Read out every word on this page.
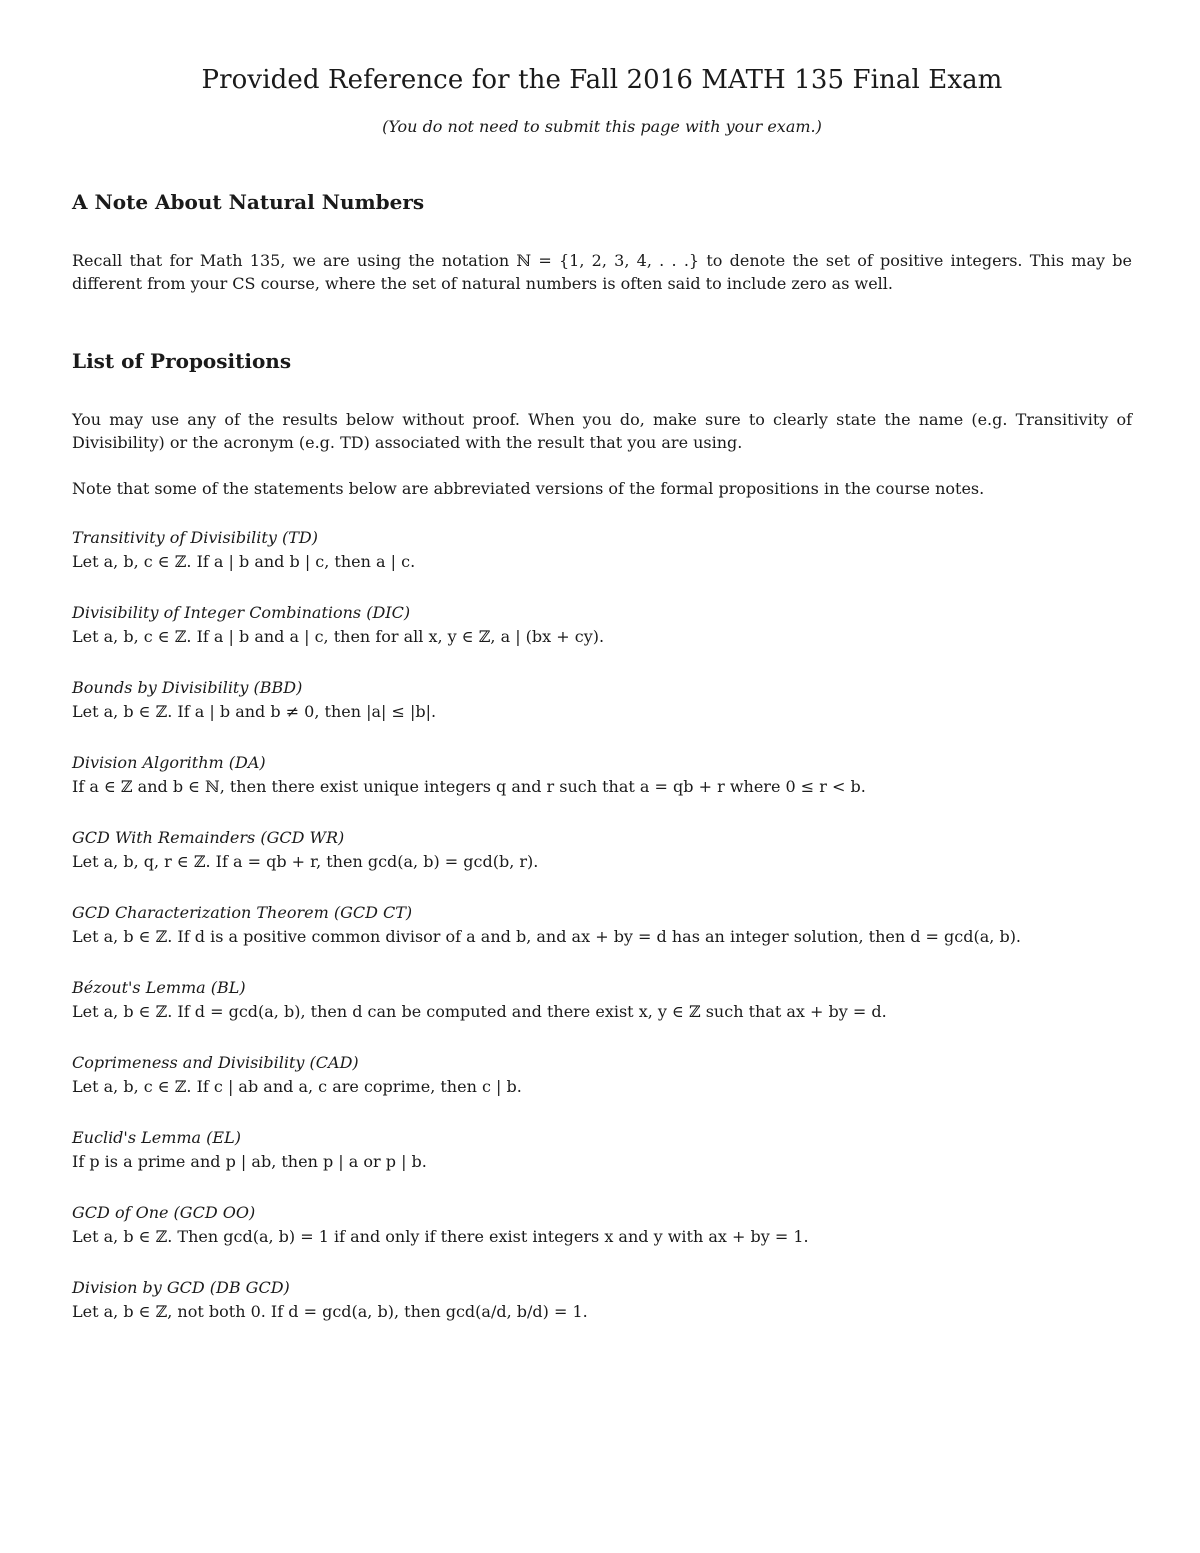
Provided Reference for the Fall 2016 MATH 135 Final Exam

(You do not need to submit this page with your exam.)

A Note About Natural Numbers

Recall that for Math 135, we are using the notation ℕ = {1, 2, 3, 4, . . .} to denote the set of positive integers. This may be different from your CS course, where the set of natural numbers is often said to include zero as well.

List of Propositions

You may use any of the results below without proof. When you do, make sure to clearly state the name (e.g. Transitivity of Divisibility) or the acronym (e.g. TD) associated with the result that you are using.

Note that some of the statements below are abbreviated versions of the formal propositions in the course notes.

Transitivity of Divisibility (TD)
Let a, b, c ∈ ℤ. If a | b and b | c, then a | c.
Divisibility of Integer Combinations (DIC)
Let a, b, c ∈ ℤ. If a | b and a | c, then for all x, y ∈ ℤ, a | (bx + cy).
Bounds by Divisibility (BBD)
Let a, b ∈ ℤ. If a | b and b ≠ 0, then |a| ≤ |b|.
Division Algorithm (DA)
If a ∈ ℤ and b ∈ ℕ, then there exist unique integers q and r such that a = qb + r where 0 ≤ r < b.
GCD With Remainders (GCD WR)
Let a, b, q, r ∈ ℤ. If a = qb + r, then gcd(a, b) = gcd(b, r).
GCD Characterization Theorem (GCD CT)
Let a, b ∈ ℤ. If d is a positive common divisor of a and b, and ax + by = d has an integer solution, then d = gcd(a, b).
Bézout's Lemma (BL)
Let a, b ∈ ℤ. If d = gcd(a, b), then d can be computed and there exist x, y ∈ ℤ such that ax + by = d.
Coprimeness and Divisibility (CAD)
Let a, b, c ∈ ℤ. If c | ab and a, c are coprime, then c | b.
Euclid's Lemma (EL)
If p is a prime and p | ab, then p | a or p | b.
GCD of One (GCD OO)
Let a, b ∈ ℤ. Then gcd(a, b) = 1 if and only if there exist integers x and y with ax + by = 1.
Division by GCD (DB GCD)
Let a, b ∈ ℤ, not both 0. If d = gcd(a, b), then gcd(a/d, b/d) = 1.
